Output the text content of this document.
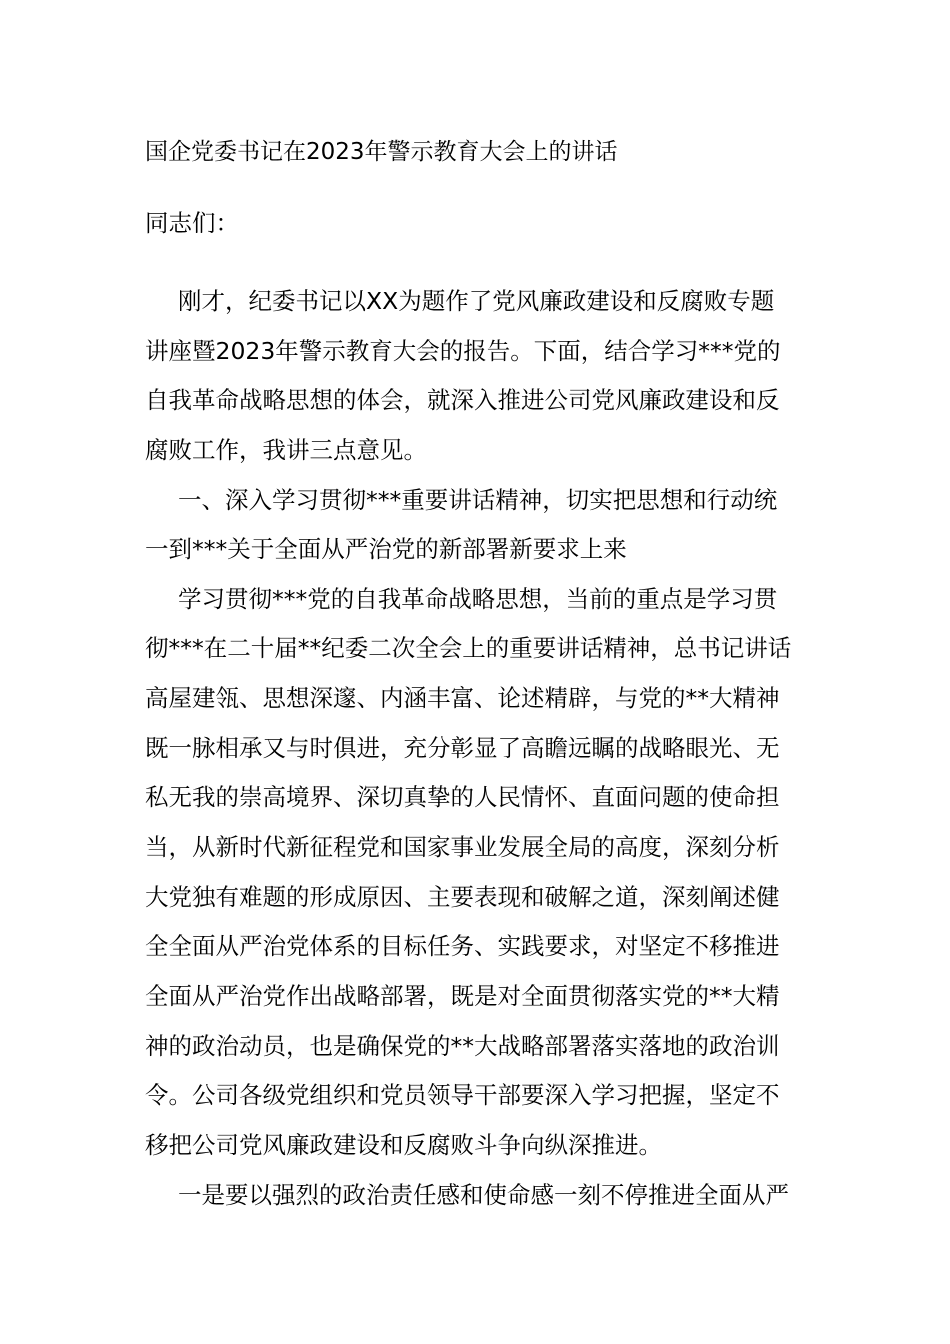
国企党委书记在2023年警示教育大会上的讲话

同志们：

刚才，纪委书记以XX为题作了党风廉政建设和反腐败专题
讲座暨2023年警示教育大会的报告。下面，结合学习***党的
自我革命战略思想的体会，就深入推进公司党风廉政建设和反
腐败工作，我讲三点意见。
一、深入学习贯彻***重要讲话精神，切实把思想和行动统
一到***关于全面从严治党的新部署新要求上来
学习贯彻***党的自我革命战略思想，当前的重点是学习贯
彻***在二十届**纪委二次全会上的重要讲话精神，总书记讲话
高屋建瓴、思想深邃、内涵丰富、论述精辟，与党的**大精神
既一脉相承又与时俱进，充分彰显了高瞻远瞩的战略眼光、无
私无我的崇高境界、深切真挚的人民情怀、直面问题的使命担
当，从新时代新征程党和国家事业发展全局的高度，深刻分析
大党独有难题的形成原因、主要表现和破解之道，深刻阐述健
全全面从严治党体系的目标任务、实践要求，对坚定不移推进
全面从严治党作出战略部署，既是对全面贯彻落实党的**大精
神的政治动员，也是确保党的**大战略部署落实落地的政治训
令。公司各级党组织和党员领导干部要深入学习把握，坚定不
移把公司党风廉政建设和反腐败斗争向纵深推进。
一是要以强烈的政治责任感和使命感一刻不停推进全面从严
